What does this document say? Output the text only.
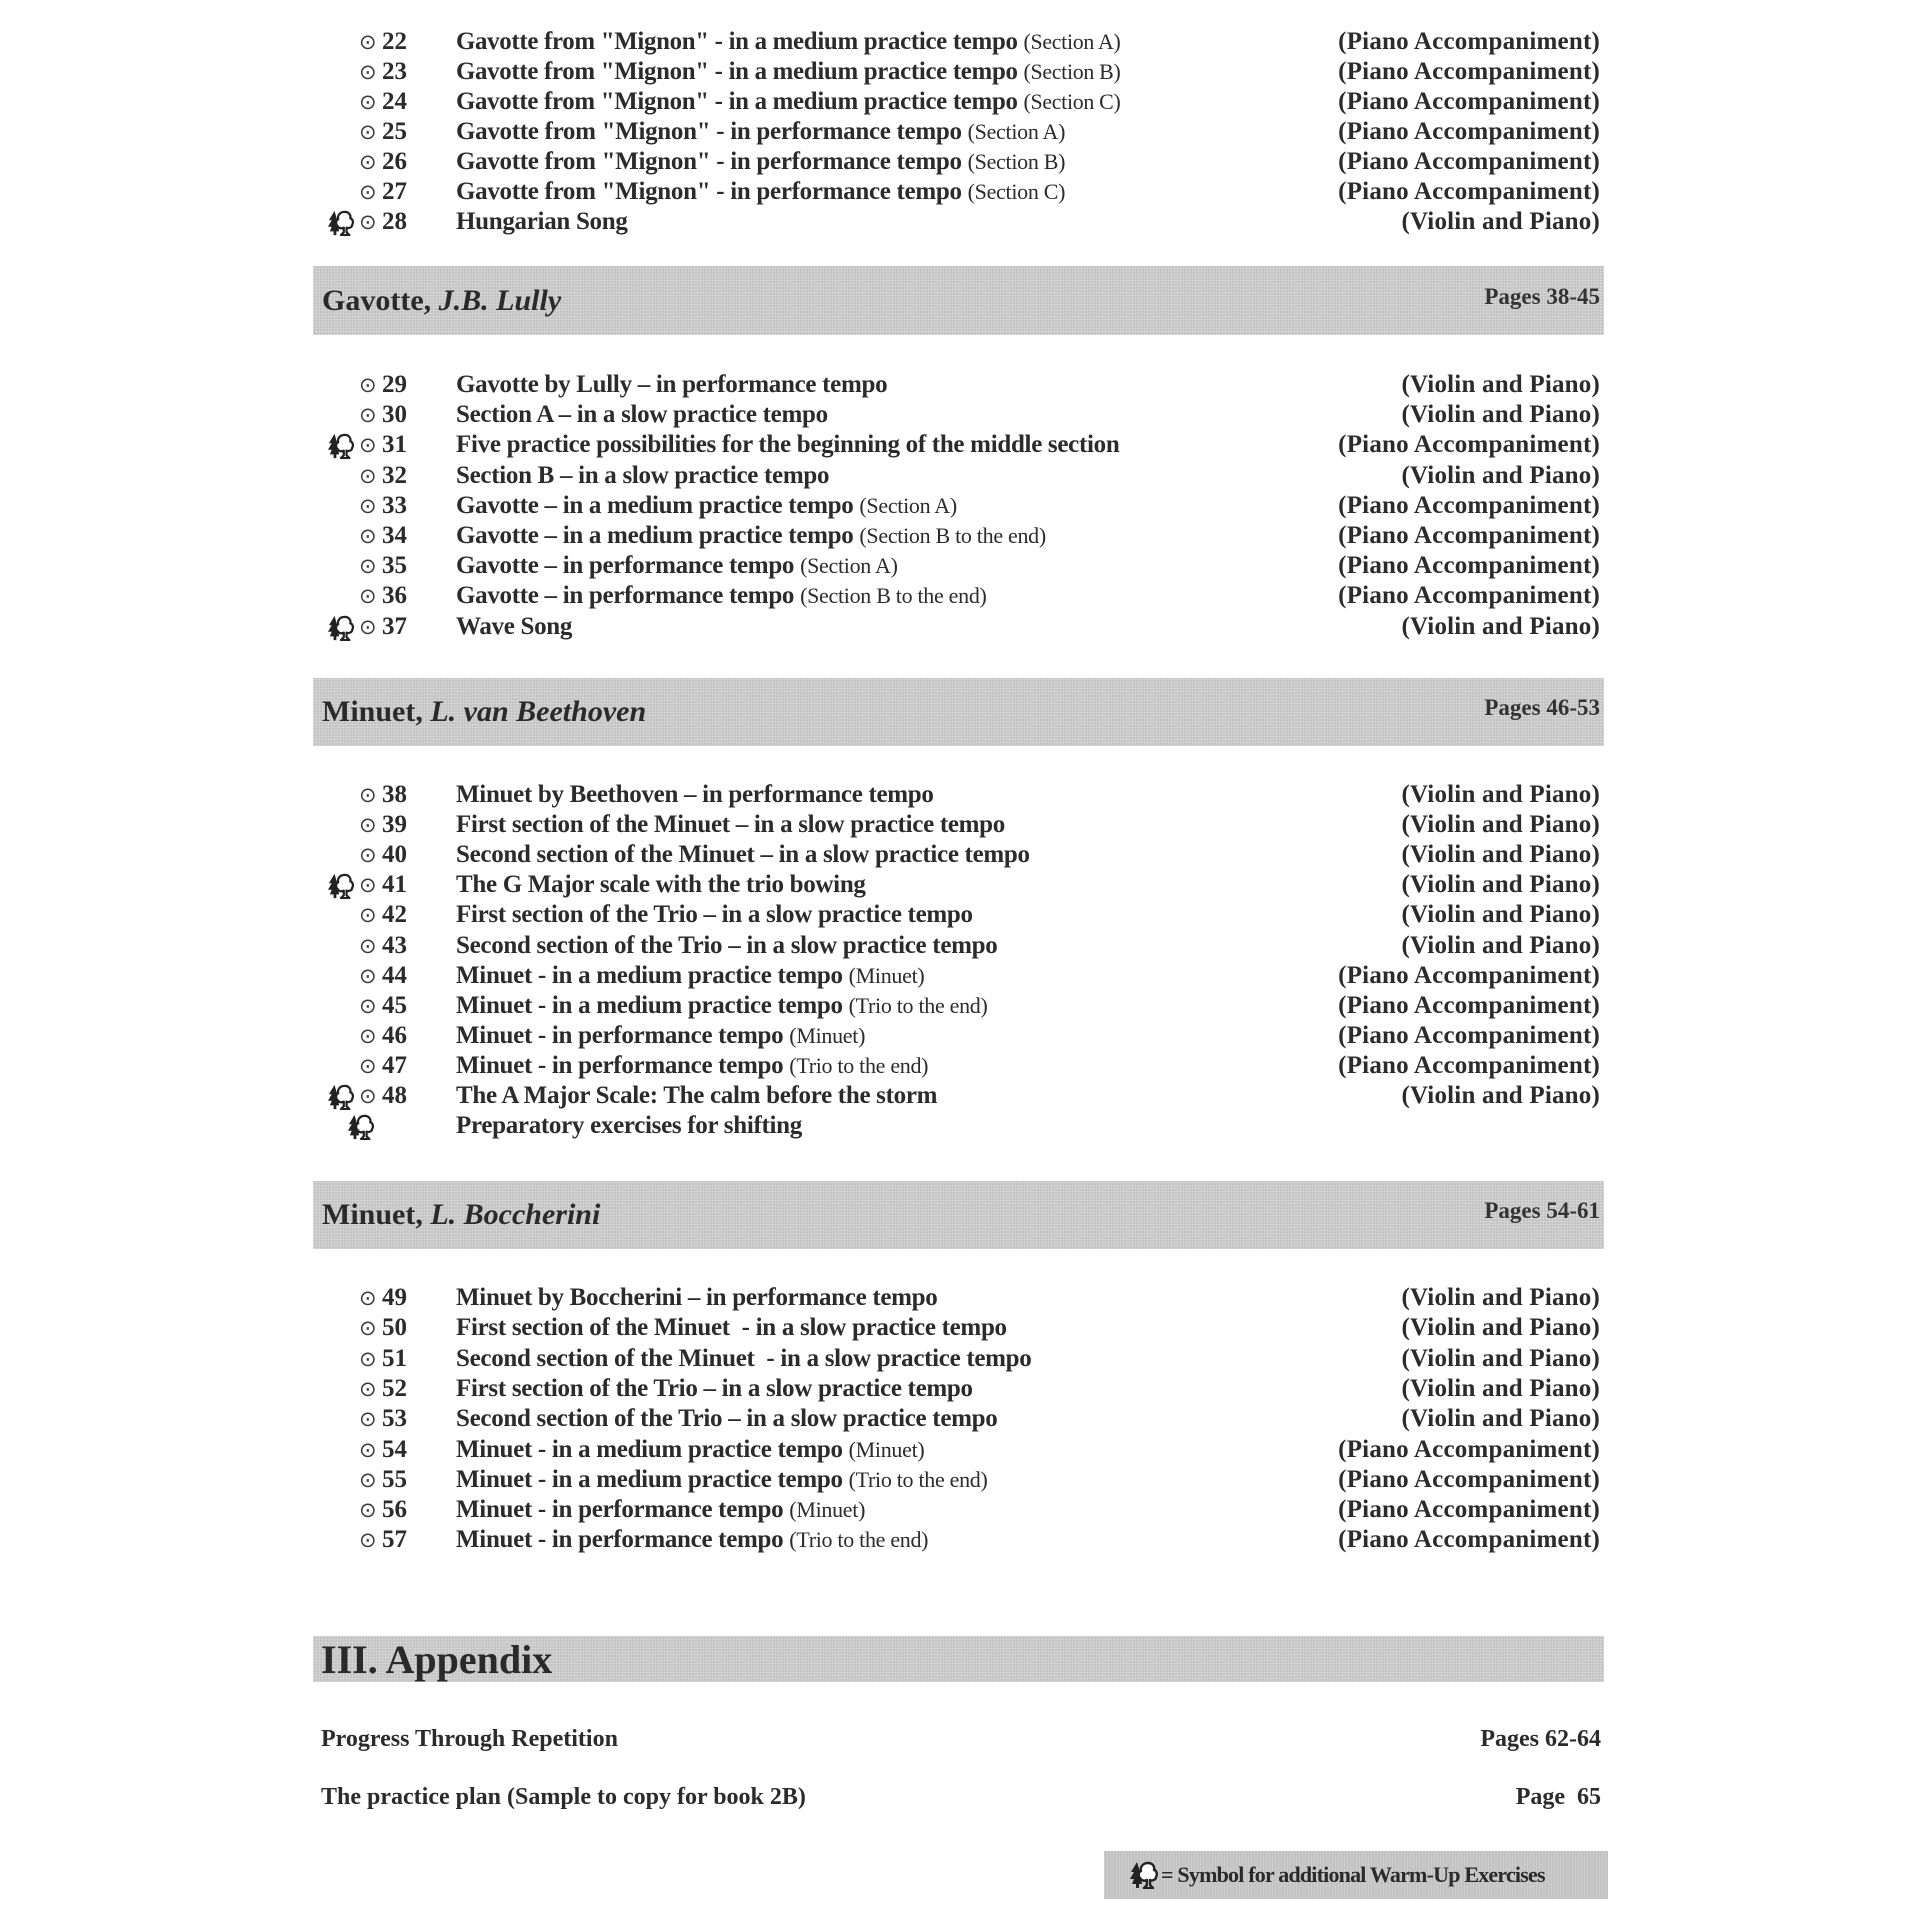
⊙ 22 Gavotte from "Mignon" - in a medium practice tempo (Section A)	(Piano Accompaniment)
⊙ 23 Gavotte from "Mignon" - in a medium practice tempo (Section B)	(Piano Accompaniment)
⊙ 24 Gavotte from "Mignon" - in a medium practice tempo (Section C)	(Piano Accompaniment)
⊙ 25 Gavotte from "Mignon" - in performance tempo (Section A)	(Piano Accompaniment)
⊙ 26 Gavotte from "Mignon" - in performance tempo (Section B)	(Piano Accompaniment)
⊙ 27 Gavotte from "Mignon" - in performance tempo (Section C)	(Piano Accompaniment)
⊙ 28 Hungarian Song	(Violin and Piano)
Gavotte, J.B. Lully	Pages 38-45
⊙ 29 Gavotte by Lully – in performance tempo	(Violin and Piano)
⊙ 30 Section A – in a slow practice tempo	(Violin and Piano)
⊙ 31 Five practice possibilities for the beginning of the middle section	(Piano Accompaniment)
⊙ 32 Section B – in a slow practice tempo	(Violin and Piano)
⊙ 33 Gavotte – in a medium practice tempo (Section A)	(Piano Accompaniment)
⊙ 34 Gavotte – in a medium practice tempo (Section B to the end)	(Piano Accompaniment)
⊙ 35 Gavotte – in performance tempo (Section A)	(Piano Accompaniment)
⊙ 36 Gavotte – in performance tempo (Section B to the end)	(Piano Accompaniment)
⊙ 37 Wave Song	(Violin and Piano)
Minuet, L. van Beethoven	Pages 46-53
⊙ 38 Minuet by Beethoven – in performance tempo	(Violin and Piano)
⊙ 39 First section of the Minuet – in a slow practice tempo	(Violin and Piano)
⊙ 40 Second section of the Minuet – in a slow practice tempo	(Violin and Piano)
⊙ 41 The G Major scale with the trio bowing	(Violin and Piano)
⊙ 42 First section of the Trio – in a slow practice tempo	(Violin and Piano)
⊙ 43 Second section of the Trio – in a slow practice tempo	(Violin and Piano)
⊙ 44 Minuet - in a medium practice tempo (Minuet)	(Piano Accompaniment)
⊙ 45 Minuet - in a medium practice tempo (Trio to the end)	(Piano Accompaniment)
⊙ 46 Minuet - in performance tempo (Minuet)	(Piano Accompaniment)
⊙ 47 Minuet - in performance tempo (Trio to the end)	(Piano Accompaniment)
⊙ 48 The A Major Scale: The calm before the storm	(Violin and Piano)
Preparatory exercises for shifting
Minuet, L. Boccherini	Pages 54-61
⊙ 49 Minuet by Boccherini – in performance tempo	(Violin and Piano)
⊙ 50 First section of the Minuet  - in a slow practice tempo	(Violin and Piano)
⊙ 51 Second section of the Minuet  - in a slow practice tempo	(Violin and Piano)
⊙ 52 First section of the Trio – in a slow practice tempo	(Violin and Piano)
⊙ 53 Second section of the Trio – in a slow practice tempo	(Violin and Piano)
⊙ 54 Minuet - in a medium practice tempo (Minuet)	(Piano Accompaniment)
⊙ 55 Minuet - in a medium practice tempo (Trio to the end)	(Piano Accompaniment)
⊙ 56 Minuet - in performance tempo (Minuet)	(Piano Accompaniment)
⊙ 57 Minuet - in performance tempo (Trio to the end)	(Piano Accompaniment)
III. Appendix
Progress Through Repetition	Pages 62-64
The practice plan (Sample to copy for book 2B)	Page  65
= Symbol for additional Warm-Up Exercises
